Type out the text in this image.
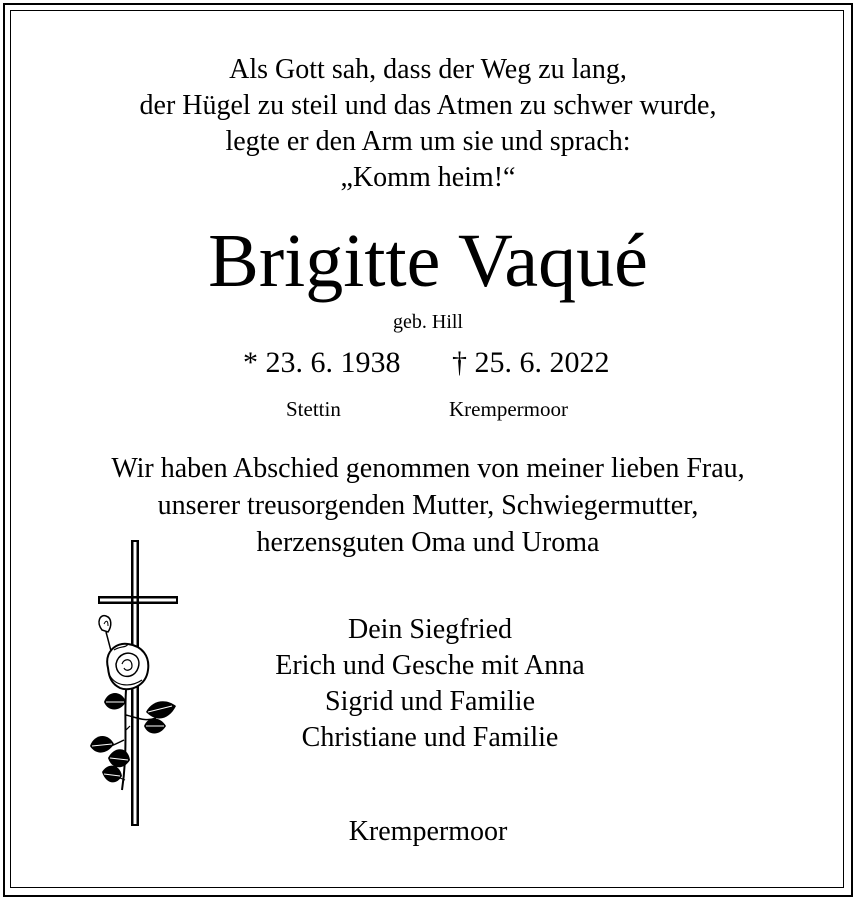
Als Gott sah, dass der Weg zu lang,
der Hügel zu steil und das Atmen zu schwer wurde,
legte er den Arm um sie und sprach:
„Komm heim!“
Brigitte Vaqué
geb. Hill
* 23. 6. 1938 † 25. 6. 2022
Stettin	Krempermoor
Wir haben Abschied genommen von meiner lieben Frau,
unserer treusorgenden Mutter, Schwiegermutter,
herzensguten Oma und Uroma
Dein Siegfried
Erich und Gesche mit Anna
Sigrid und Familie
Christiane und Familie
Krempermoor
